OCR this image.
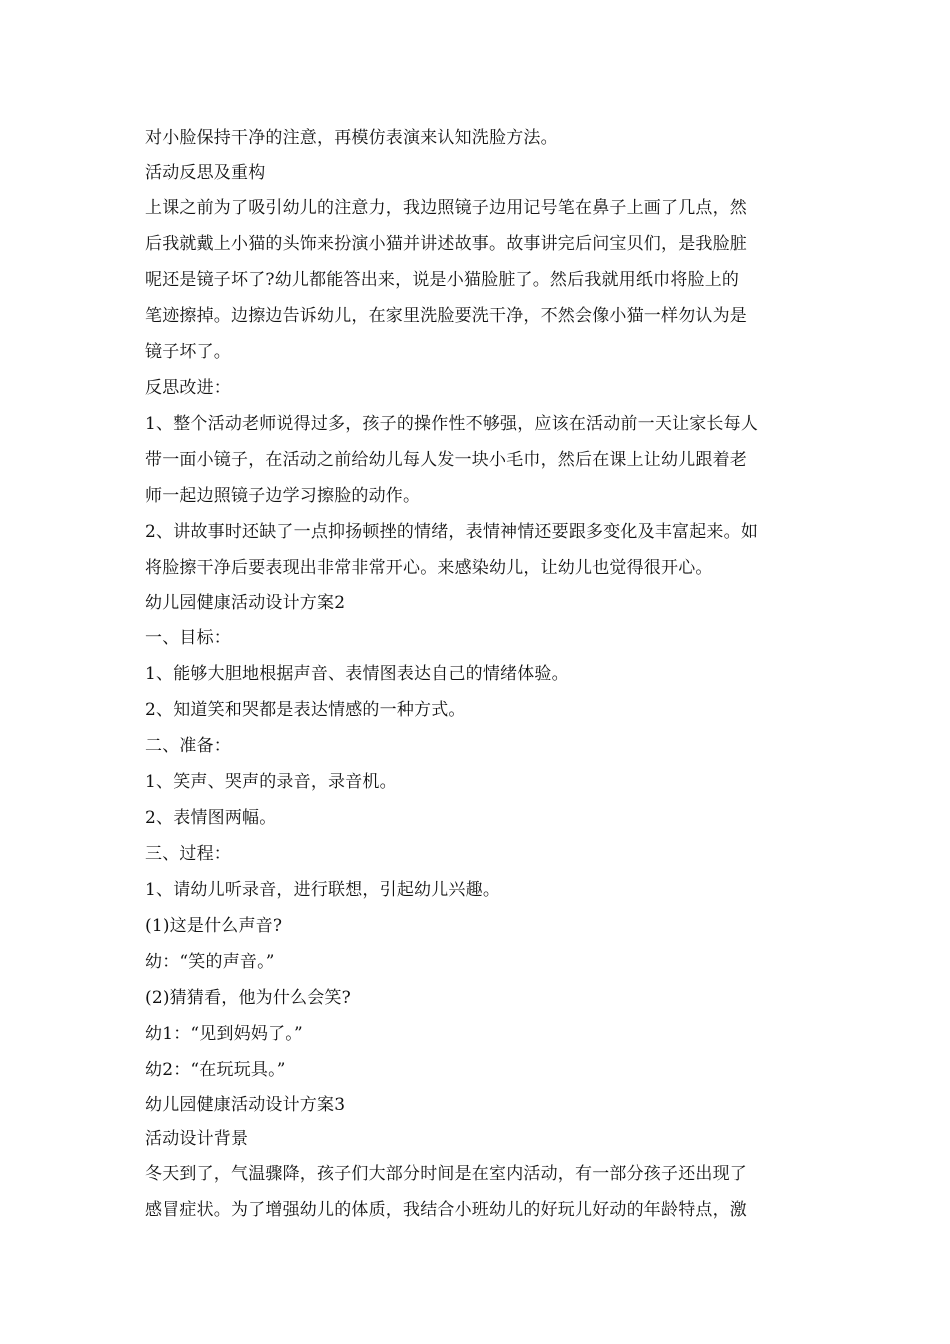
对小脸保持干净的注意，再模仿表演来认知洗脸方法。
活动反思及重构
上课之前为了吸引幼儿的注意力，我边照镜子边用记号笔在鼻子上画了几点，然
后我就戴上小猫的头饰来扮演小猫并讲述故事。故事讲完后问宝贝们，是我脸脏
呢还是镜子坏了?幼儿都能答出来，说是小猫脸脏了。然后我就用纸巾将脸上的
笔迹擦掉。边擦边告诉幼儿，在家里洗脸要洗干净，不然会像小猫一样勿认为是
镜子坏了。
反思改进：
1、整个活动老师说得过多，孩子的操作性不够强，应该在活动前一天让家长每人
带一面小镜子，在活动之前给幼儿每人发一块小毛巾，然后在课上让幼儿跟着老
师一起边照镜子边学习擦脸的动作。
2、讲故事时还缺了一点抑扬顿挫的情绪，表情神情还要跟多变化及丰富起来。如
将脸擦干净后要表现出非常非常开心。来感染幼儿，让幼儿也觉得很开心。
幼儿园健康活动设计方案2
一、目标：
1、能够大胆地根据声音、表情图表达自己的情绪体验。
2、知道笑和哭都是表达情感的一种方式。
二、准备：
1、笑声、哭声的录音，录音机。
2、表情图两幅。
三、过程：
1、请幼儿听录音，进行联想，引起幼儿兴趣。
(1)这是什么声音?
幼：“笑的声音。”
(2)猜猜看，他为什么会笑?
幼1：“见到妈妈了。”
幼2：“在玩玩具。”
幼儿园健康活动设计方案3
活动设计背景
冬天到了，气温骤降，孩子们大部分时间是在室内活动，有一部分孩子还出现了
感冒症状。为了增强幼儿的体质，我结合小班幼儿的好玩儿好动的年龄特点，激
